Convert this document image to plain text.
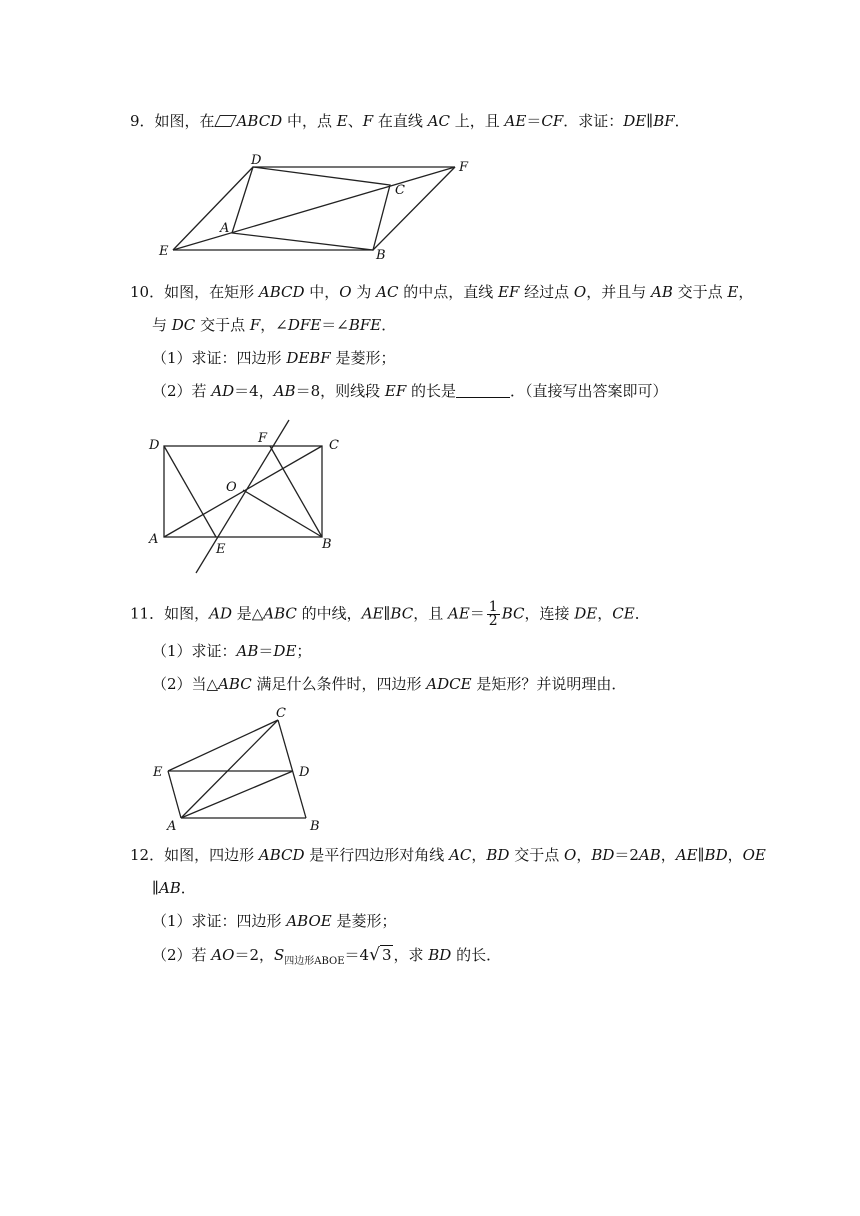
9．如图，在 ABCD 中，点 E、F 在直线 AC 上，且 AE＝CF．求证：DE∥BF．
D	F
C
A
E	B
10．如图，在矩形 ABCD 中，O 为 AC 的中点，直线 EF 经过点 O，并且与 AB 交于点 E，
与 DC 交于点 F，∠DFE＝∠BFE．
（1）求证：四边形 DEBF 是菱形；
（2）若 AD＝4，AB＝8，则线段 EF 的长是	．（直接写出答案即可）
D	F	C
O
A
E	B
11．如图，AD 是△ABC 的中线，AE∥BC，且 $AE= \frac{1}{2}$ BC，连接 DE，CE．
（1）求证：AB＝DE；
（2）当△ABC 满足什么条件时，四边形 ADCE 是矩形？并说明理由．
C
E	D
A	B
12．如图，四边形 ABCD 是平行四边形对角线 AC，BD 交于点 O，BD＝2AB，AE∥BD，OE
∥AB．
（1）求证：四边形 ABOE 是菱形；
（2）若 AO＝2，$S_{四边形ABOE}=4√$ 3 ，求 BD 的长．
